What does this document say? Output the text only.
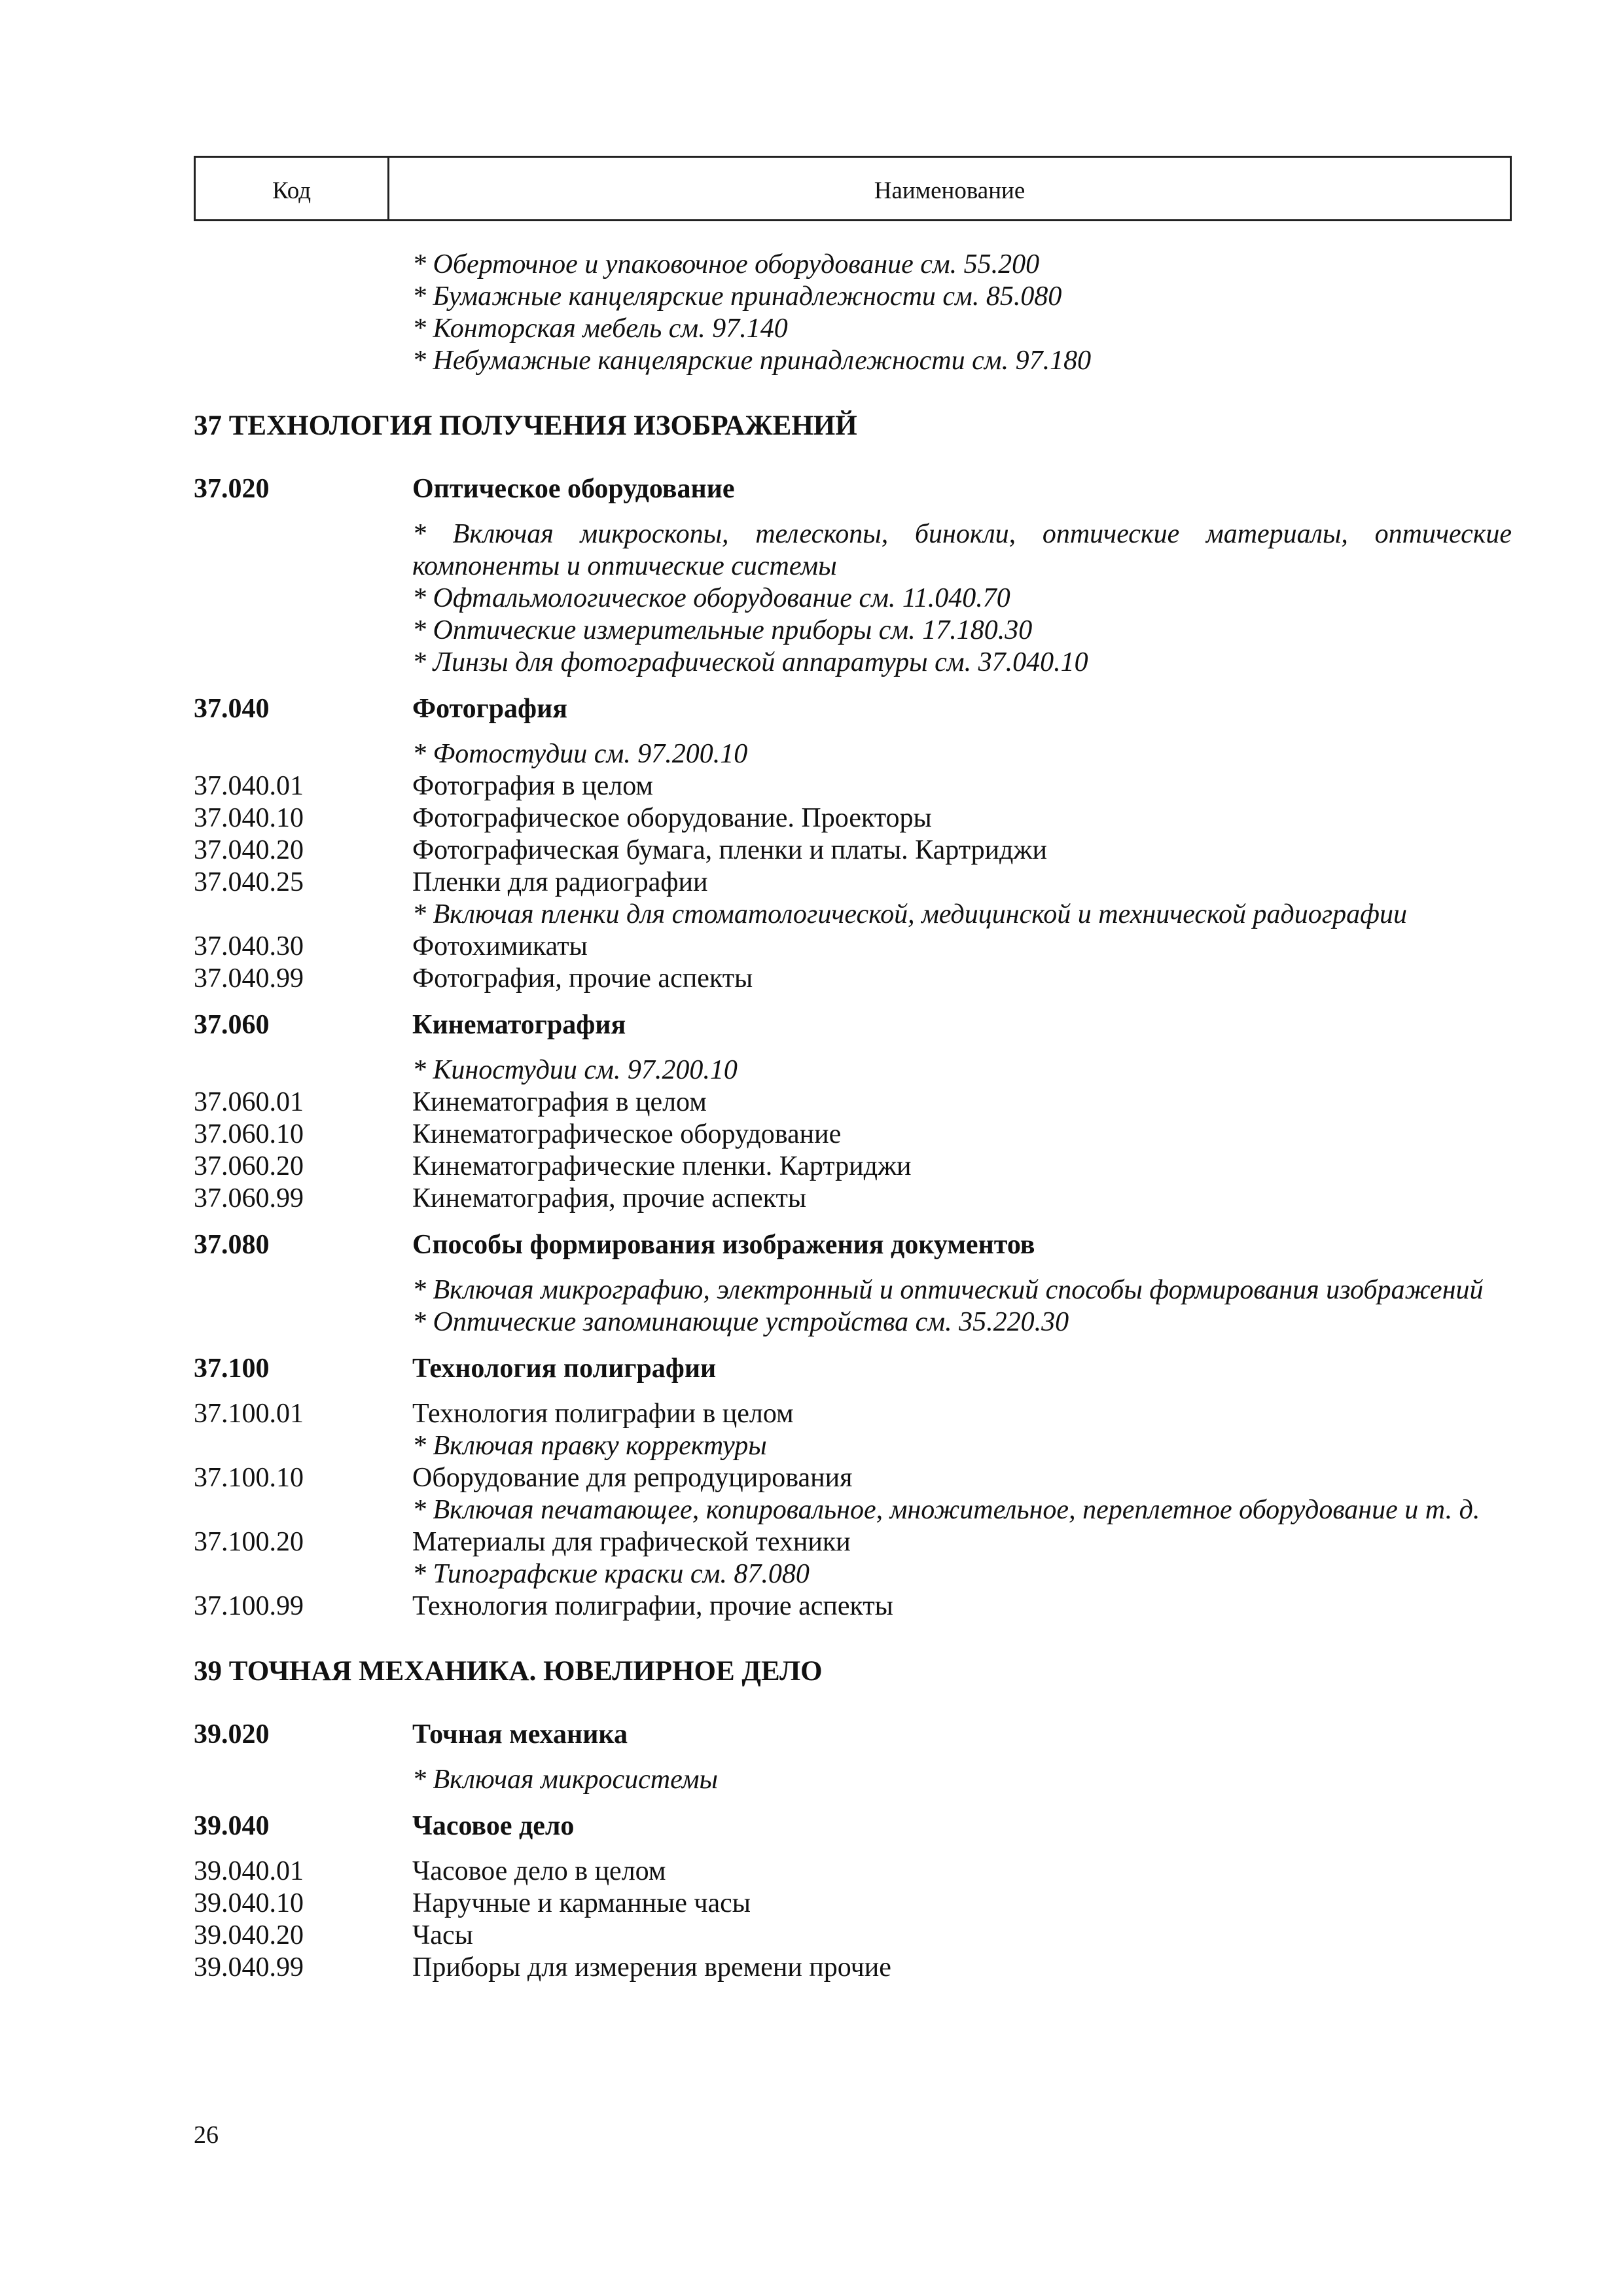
Код	Наименование
* Оберточное и упаковочное оборудование см. 55.200
* Бумажные канцелярские принадлежности см. 85.080
* Конторская мебель см. 97.140
* Небумажные канцелярские принадлежности см. 97.180
37 ТЕХНОЛОГИЯ ПОЛУЧЕНИЯ ИЗОБРАЖЕНИЙ
37.020	Оптическое оборудование
* Включая микроскопы, телескопы, бинокли, оптические материалы, оптические компоненты и оптические системы
* Офтальмологическое оборудование см. 11.040.70
* Оптические измерительные приборы см. 17.180.30
* Линзы для фотографической аппаратуры см. 37.040.10
37.040	Фотография
* Фотостудии см. 97.200.10
37.040.01	Фотография в целом
37.040.10	Фотографическое оборудование. Проекторы
37.040.20	Фотографическая бумага, пленки и платы. Картриджи
37.040.25	Пленки для радиографии
* Включая пленки для стоматологической, медицинской и технической радиографии
37.040.30	Фотохимикаты
37.040.99	Фотография, прочие аспекты
37.060	Кинематография
* Киностудии см. 97.200.10
37.060.01	Кинематография в целом
37.060.10	Кинематографическое оборудование
37.060.20	Кинематографические пленки. Картриджи
37.060.99	Кинематография, прочие аспекты
37.080	Способы формирования изображения документов
* Включая микрографию, электронный и оптический способы формирования изображений
* Оптические запоминающие устройства см. 35.220.30
37.100	Технология полиграфии
37.100.01	Технология полиграфии в целом
* Включая правку корректуры
37.100.10	Оборудование для репродуцирования
* Включая печатающее, копировальное, множительное, переплетное оборудование и т. д.
37.100.20	Материалы для графической техники
* Типографские краски см. 87.080
37.100.99	Технология полиграфии, прочие аспекты
39 ТОЧНАЯ МЕХАНИКА. ЮВЕЛИРНОЕ ДЕЛО
39.020	Точная механика
* Включая микросистемы
39.040	Часовое дело
39.040.01	Часовое дело в целом
39.040.10	Наручные и карманные часы
39.040.20	Часы
39.040.99	Приборы для измерения времени прочие
26
